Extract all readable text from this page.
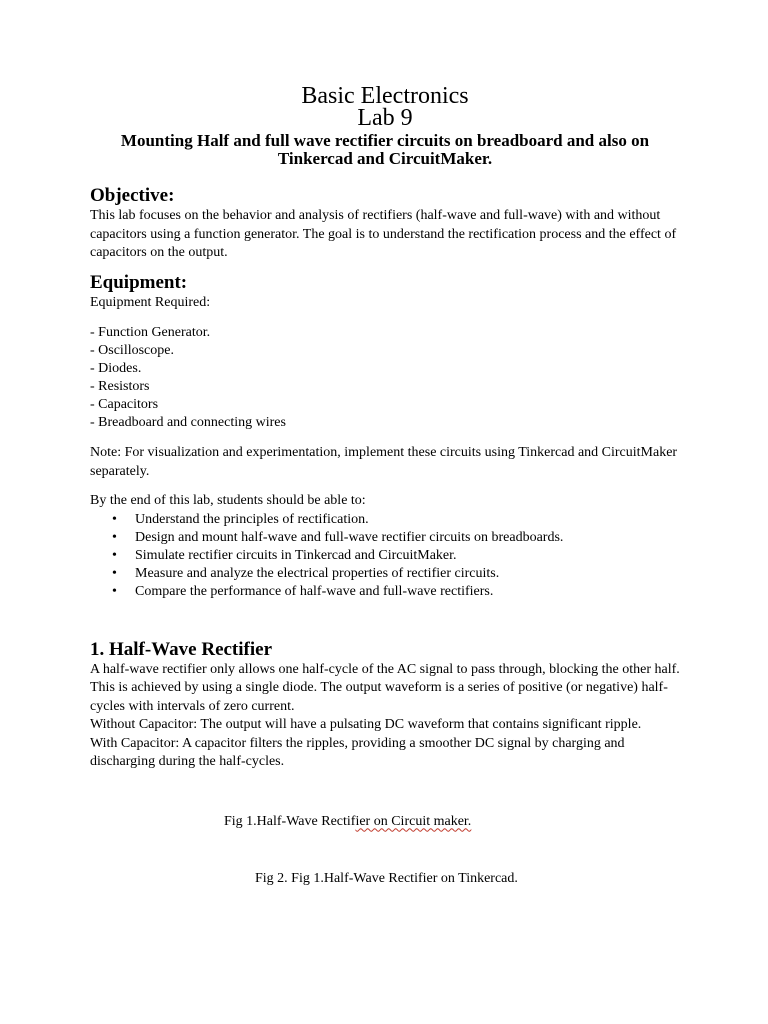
Basic Electronics
Lab 9
Mounting Half and full wave rectifier circuits on breadboard and also on Tinkercad and CircuitMaker.
Objective:

This lab focuses on the behavior and analysis of rectifiers (half-wave and full-wave) with and without capacitors using a function generator. The goal is to understand the rectification process and the effect of capacitors on the output.

Equipment:

Equipment Required:

- Function Generator.
- Oscilloscope.
- Diodes.
- Resistors
- Capacitors
- Breadboard and connecting wires

Note: For visualization and experimentation, implement these circuits using Tinkercad and CircuitMaker separately.

By the end of this lab, students should be able to:

• Understand the principles of rectification.
• Design and mount half-wave and full-wave rectifier circuits on breadboards.
• Simulate rectifier circuits in Tinkercad and CircuitMaker.
• Measure and analyze the electrical properties of rectifier circuits.
• Compare the performance of half-wave and full-wave rectifiers.
1. Half-Wave Rectifier

A half-wave rectifier only allows one half-cycle of the AC signal to pass through, blocking the other half. This is achieved by using a single diode. The output waveform is a series of positive (or negative) half-cycles with intervals of zero current.

Without Capacitor: The output will have a pulsating DC waveform that contains significant ripple.

With Capacitor: A capacitor filters the ripples, providing a smoother DC signal by charging and discharging during the half-cycles.

Fig 1.Half-Wave Rectifier on Circuit maker.

Fig 2. Fig 1.Half-Wave Rectifier on Tinkercad.
